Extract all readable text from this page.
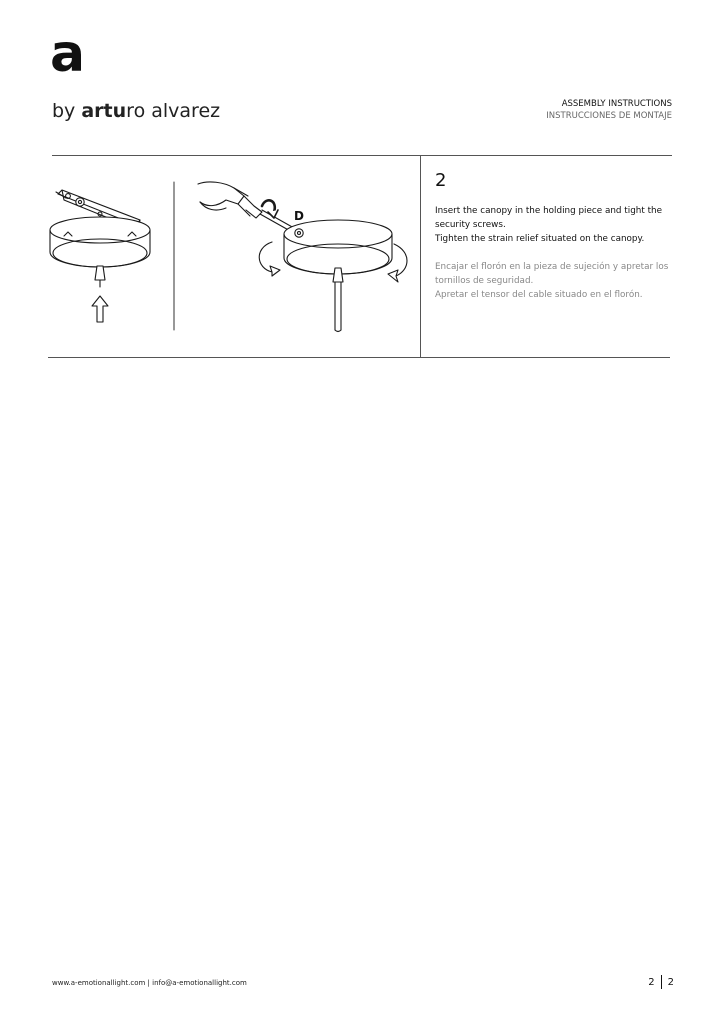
a
by arturo alvarez	ASSEMBLY INSTRUCTIONS
INSTRUCCIONES DE MONTAJE
2

Insert the canopy in the holding piece and tight the security screws.

Tighten the strain relief situated on the canopy.

Encajar el florón en la pieza de sujeción y apretar los tornillos de seguridad.

Apretar el tensor del cable situado en el florón.

D
www.a-emotionallight.com | info@a-emotionallight.com	2 2
